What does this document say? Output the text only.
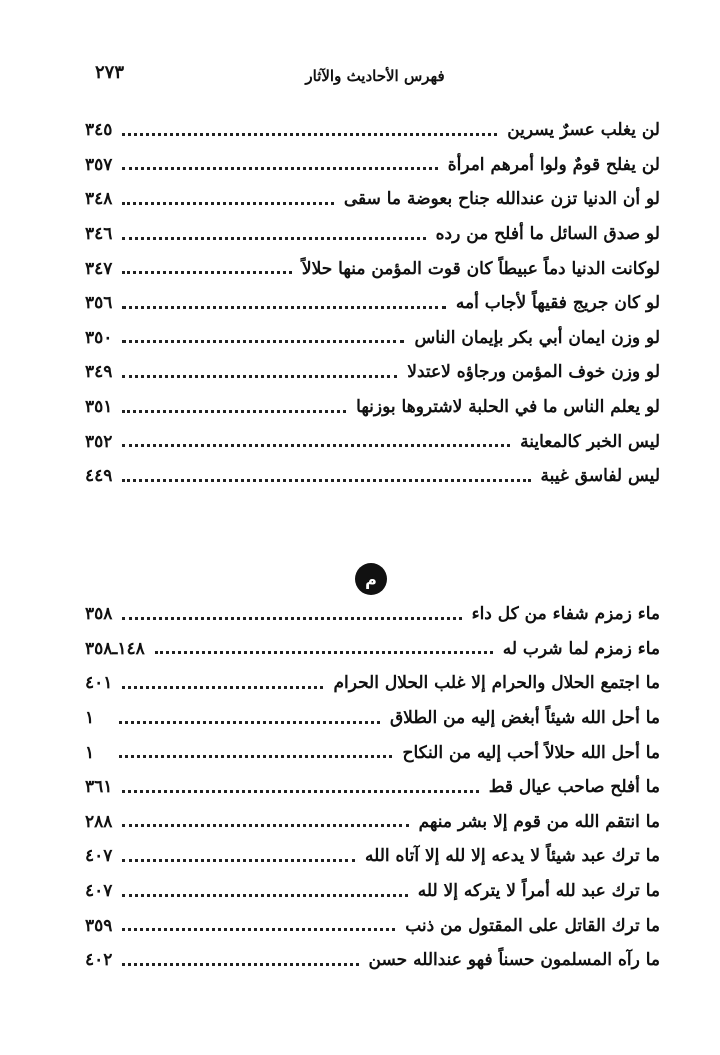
فهرس الأحاديث والآثار
٢٧٣
لن يغلب عسرٌ يسرين
٣٤٥
لن يفلح قومٌ ولوا أمرهم امرأة
٣٥٧
لو أن الدنيا تزن عندالله جناح بعوضة ما سقى
٣٤٨
لو صدق السائل ما أفلح من رده
٣٤٦
لوكانت الدنيا دماً عبيطاً كان قوت المؤمن منها حلالاً
٣٤٧
لو كان جريج فقيهاً لأجاب أمه
٣٥٦
لو وزن ايمان أبي بكر بإيمان الناس
٣٥٠
لو وزن خوف المؤمن ورجاؤه لاعتدلا
٣٤٩
لو يعلم الناس ما في الحلبة لاشتروها بوزنها
٣٥١
ليس الخبر كالمعاينة
٣٥٢
ليس لفاسق غيبة
٤٤٩
م
ماء زمزم شفاء من كل داء
٣٥٨
ماء زمزم لما شرب له
١٤٨ـ٣٥٨
ما اجتمع الحلال والحرام إلا غلب الحلال الحرام
٤٠١
ما أحل الله شيئاً أبغض إليه من الطلاق
١
ما أحل الله حلالاً أحب إليه من النكاح
١
ما أفلح صاحب عيال قط
٣٦١
ما انتقم الله من قوم إلا بشر منهم
٢٨٨
ما ترك عبد شيئاً لا يدعه إلا لله إلا آتاه الله
٤٠٧
ما ترك عبد لله أمراً لا يتركه إلا لله
٤٠٧
ما ترك القاتل على المقتول من ذنب
٣٥٩
ما رآه المسلمون حسناً فهو عندالله حسن
٤٠٢
